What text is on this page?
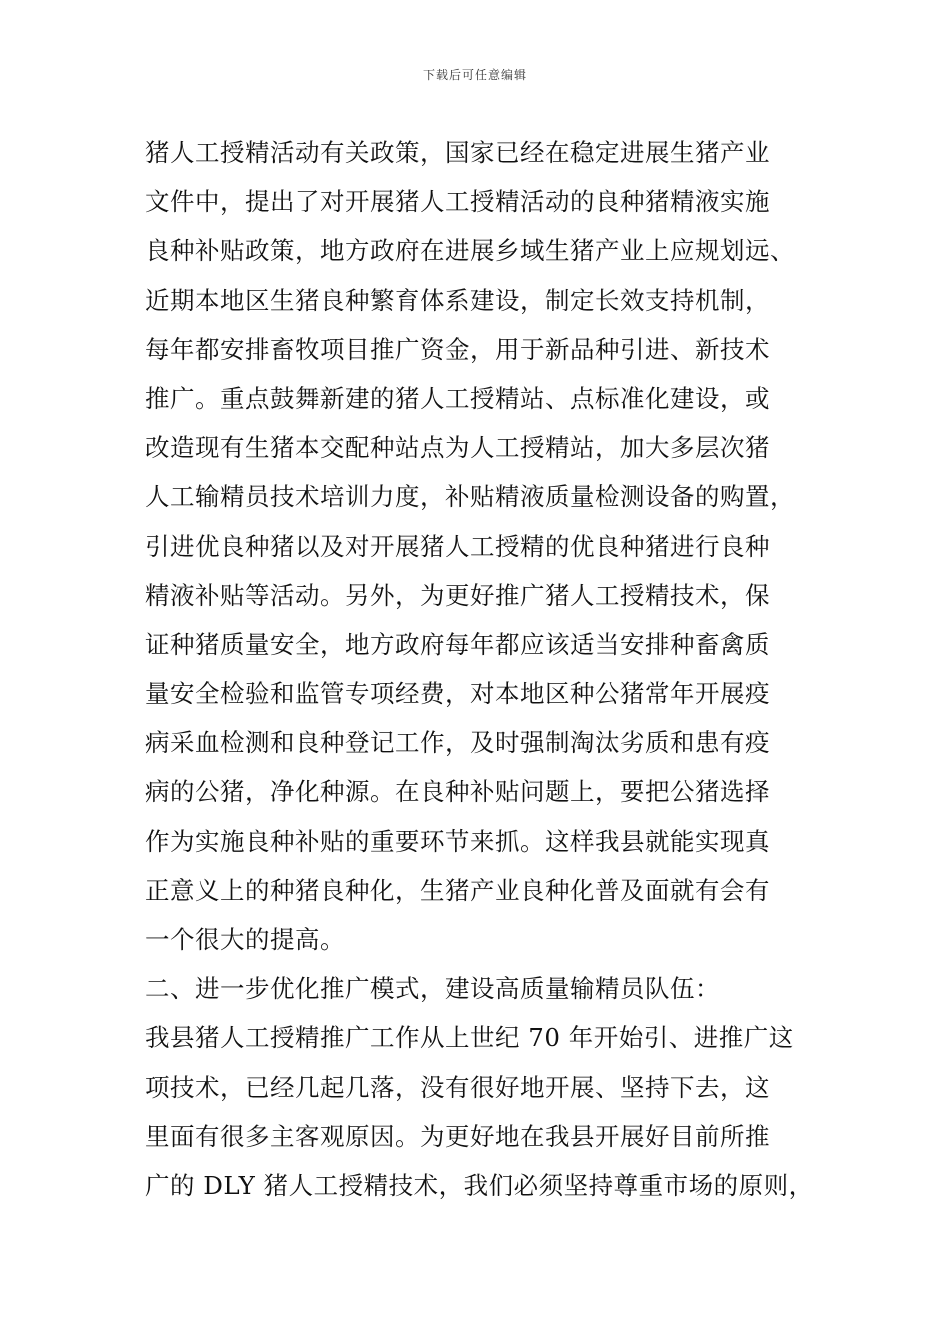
下载后可任意编辑
猪人工授精活动有关政策，国家已经在稳定进展生猪产业
文件中，提出了对开展猪人工授精活动的良种猪精液实施
良种补贴政策，地方政府在进展乡域生猪产业上应规划远、
近期本地区生猪良种繁育体系建设，制定长效支持机制，
每年都安排畜牧项目推广资金，用于新品种引进、新技术
推广。重点鼓舞新建的猪人工授精站、点标准化建设，或
改造现有生猪本交配种站点为人工授精站，加大多层次猪
人工输精员技术培训力度，补贴精液质量检测设备的购置，
引进优良种猪以及对开展猪人工授精的优良种猪进行良种
精液补贴等活动。另外，为更好推广猪人工授精技术，保
证种猪质量安全，地方政府每年都应该适当安排种畜禽质
量安全检验和监管专项经费，对本地区种公猪常年开展疫
病采血检测和良种登记工作，及时强制淘汰劣质和患有疫
病的公猪，净化种源。在良种补贴问题上，要把公猪选择
作为实施良种补贴的重要环节来抓。这样我县就能实现真
正意义上的种猪良种化，生猪产业良种化普及面就有会有
一个很大的提高。
二、进一步优化推广模式，建设高质量输精员队伍：
我县猪人工授精推广工作从上世纪 70 年开始引、进推广这
项技术，已经几起几落，没有很好地开展、坚持下去，这
里面有很多主客观原因。为更好地在我县开展好目前所推
广的 DLY 猪人工授精技术，我们必须坚持尊重市场的原则，
